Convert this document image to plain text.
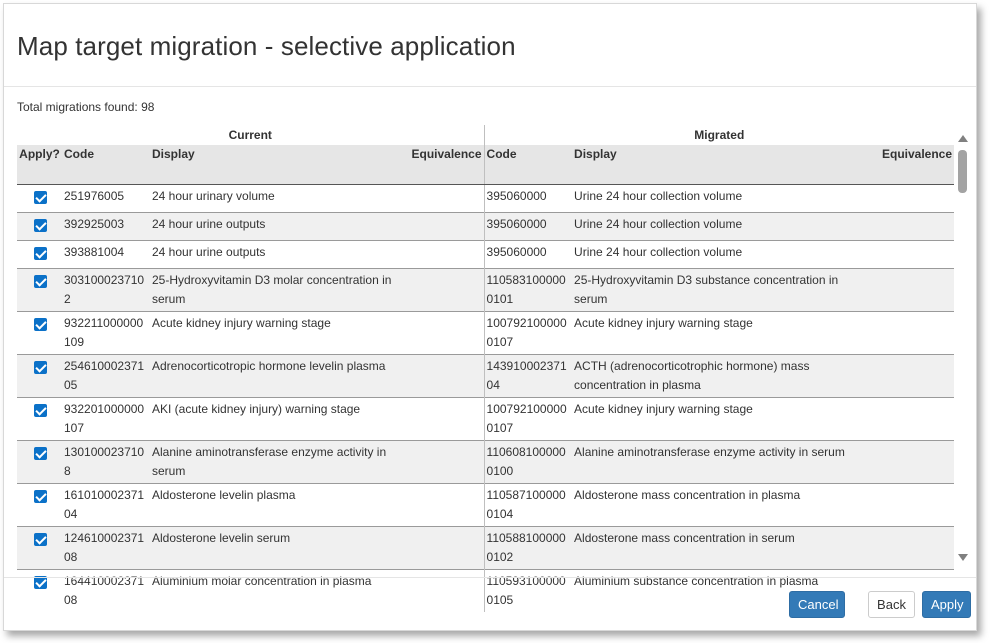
Map target migration - selective application
Total migrations found: 98
Current				Migrated		
Apply?	Code	Display	Equivalence	Code	Display	Equivalence
	251976005	24 hour urinary volume		395060000	Urine 24 hour collection volume	
	392925003	24 hour urine outputs		395060000	Urine 24 hour collection volume	
	393881004	24 hour urine outputs		395060000	Urine 24 hour collection volume	
	303100023710 2	25-Hydroxyvitamin D3 molar concentration in serum		110583100000 0101	25-Hydroxyvitamin D3 substance concentration in serum	
	932211000000 109	Acute kidney injury warning stage		100792100000 0107	Acute kidney injury warning stage	
	254610002371 05	Adrenocorticotropic hormone levelin plasma		143910002371 04	ACTH (adrenocorticotrophic hormone) mass concentration in plasma	
	932201000000 107	AKI (acute kidney injury) warning stage		100792100000 0107	Acute kidney injury warning stage	
	130100023710 8	Alanine aminotransferase enzyme activity in serum		110608100000 0100	Alanine aminotransferase enzyme activity in serum	
	161010002371 04	Aldosterone levelin plasma		110587100000 0104	Aldosterone mass concentration in plasma	
	124610002371 08	Aldosterone levelin serum		110588100000 0102	Aldosterone mass concentration in serum	
	164410002371 08	Aluminium molar concentration in plasma		110593100000 0105	Aluminium substance concentration in plasma	
Cancel	Back	Apply
